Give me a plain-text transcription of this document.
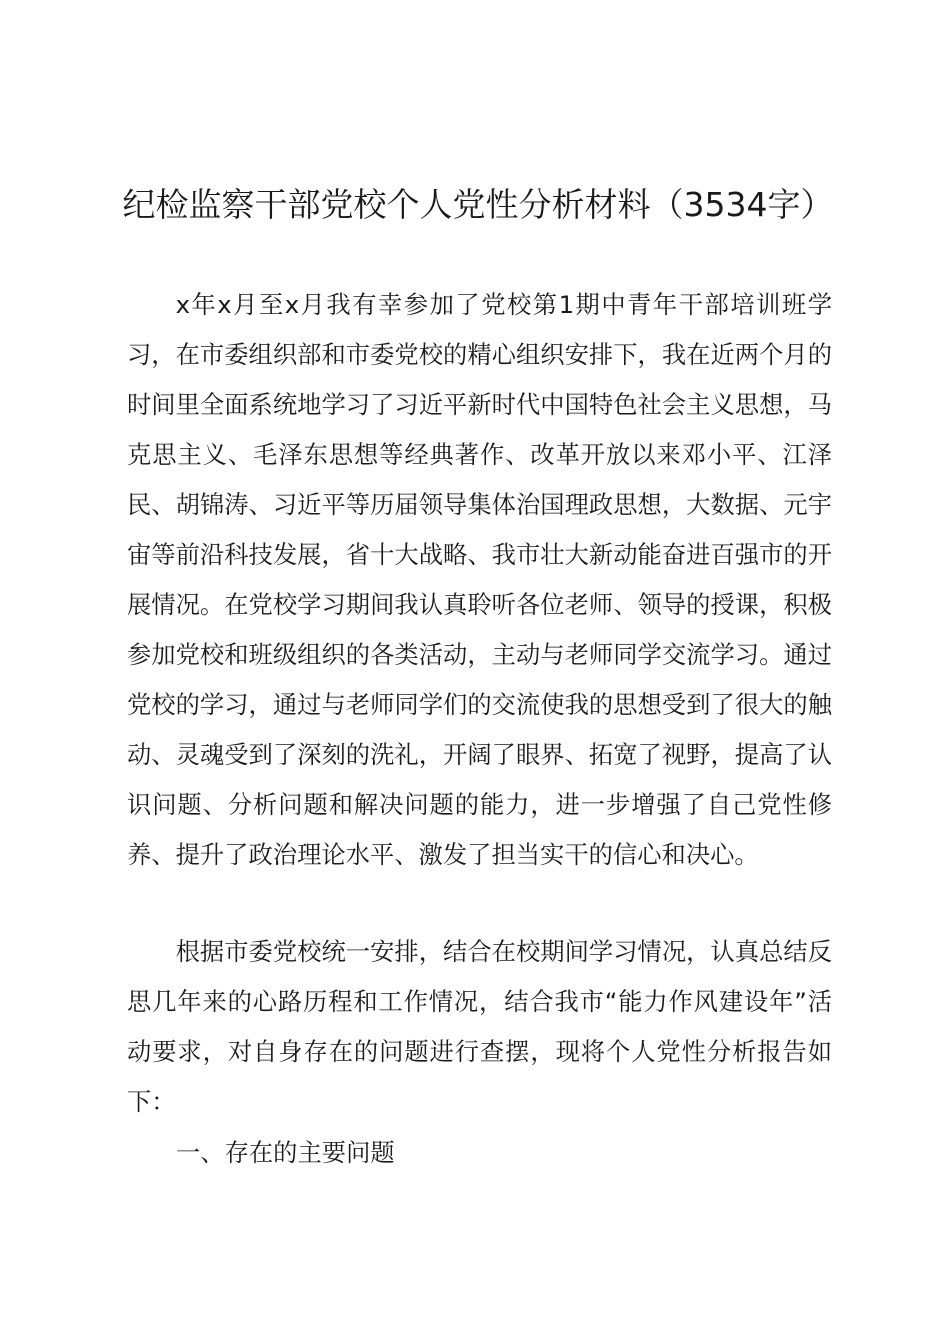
纪检监察干部党校个人党性分析材料（3534字）

x年x月至x月我有幸参加了党校第1期中青年干部培训班学习，在市委组织部和市委党校的精心组织安排下，我在近两个月的时间里全面系统地学习了习近平新时代中国特色社会主义思想，马克思主义、毛泽东思想等经典著作、改革开放以来邓小平、江泽民、胡锦涛、习近平等历届领导集体治国理政思想，大数据、元宇宙等前沿科技发展，省十大战略、我市壮大新动能奋进百强市的开展情况。在党校学习期间我认真聆听各位老师、领导的授课，积极参加党校和班级组织的各类活动，主动与老师同学交流学习。通过党校的学习，通过与老师同学们的交流使我的思想受到了很大的触动、灵魂受到了深刻的洗礼，开阔了眼界、拓宽了视野，提高了认识问题、分析问题和解决问题的能力，进一步增强了自己党性修养、提升了政治理论水平、激发了担当实干的信心和决心。

根据市委党校统一安排，结合在校期间学习情况，认真总结反思几年来的心路历程和工作情况，结合我市“能力作风建设年”活动要求，对自身存在的问题进行查摆，现将个人党性分析报告如下：

一、存在的主要问题
